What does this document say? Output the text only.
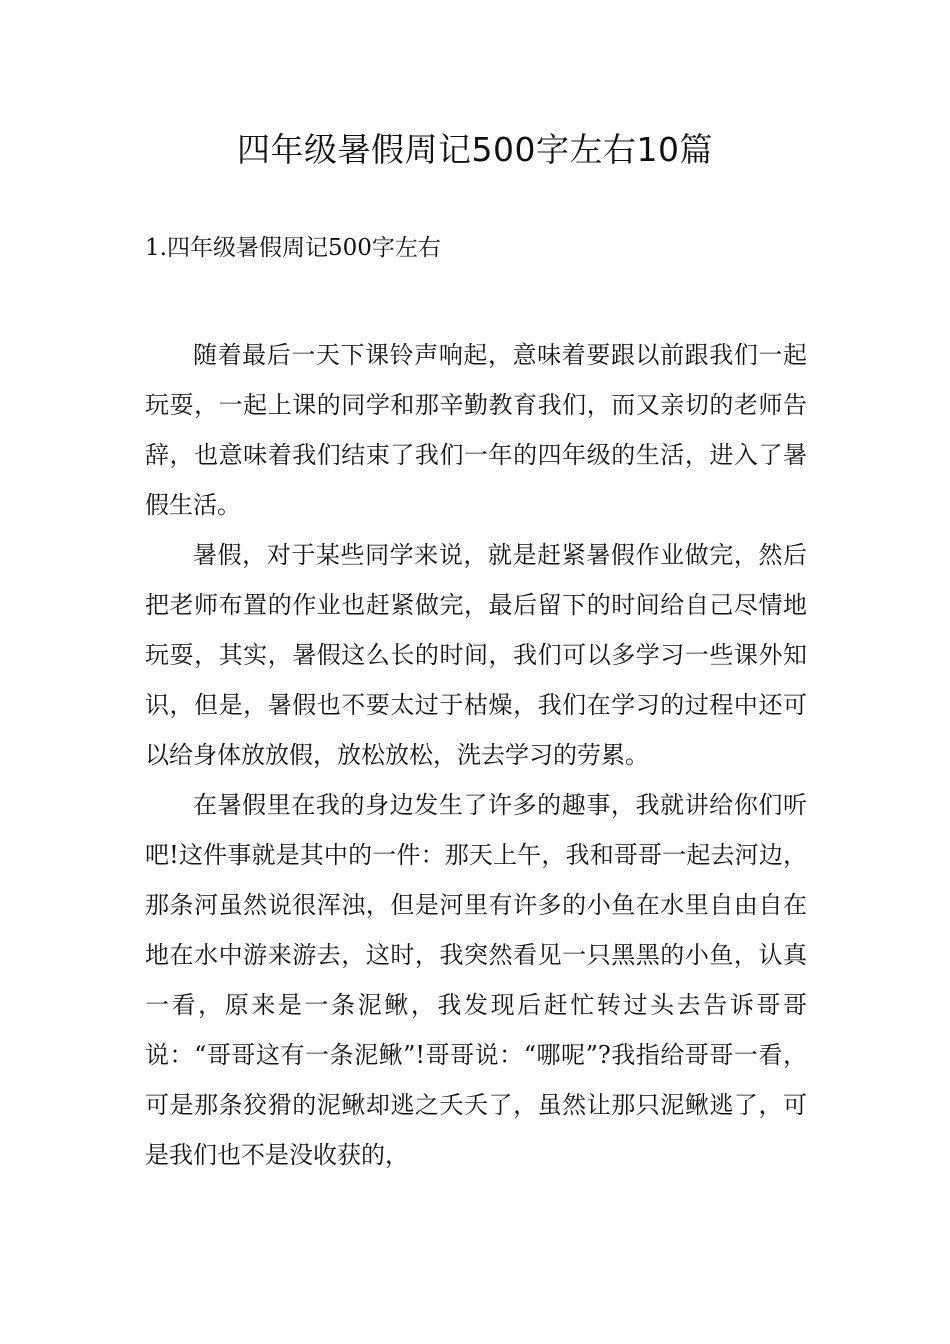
四年级暑假周记500字左右10篇
1.四年级暑假周记500字左右

随着最后一天下课铃声响起，意味着要跟以前跟我们一起玩耍，一起上课的同学和那辛勤教育我们，而又亲切的老师告辞，也意味着我们结束了我们一年的四年级的生活，进入了暑假生活。

暑假，对于某些同学来说，就是赶紧暑假作业做完，然后把老师布置的作业也赶紧做完，最后留下的时间给自己尽情地玩耍，其实，暑假这么长的时间，我们可以多学习一些课外知识，但是，暑假也不要太过于枯燥，我们在学习的过程中还可以给身体放放假，放松放松，洗去学习的劳累。

在暑假里在我的身边发生了许多的趣事，我就讲给你们听吧!这件事就是其中的一件：那天上午，我和哥哥一起去河边，那条河虽然说很浑浊，但是河里有许多的小鱼在水里自由自在地在水中游来游去，这时，我突然看见一只黑黑的小鱼，认真一看，原来是一条泥鳅，我发现后赶忙转过头去告诉哥哥说：“哥哥这有一条泥鳅”!哥哥说：“哪呢”?我指给哥哥一看，可是那条狡猾的泥鳅却逃之夭夭了，虽然让那只泥鳅逃了，可是我们也不是没收获的，
